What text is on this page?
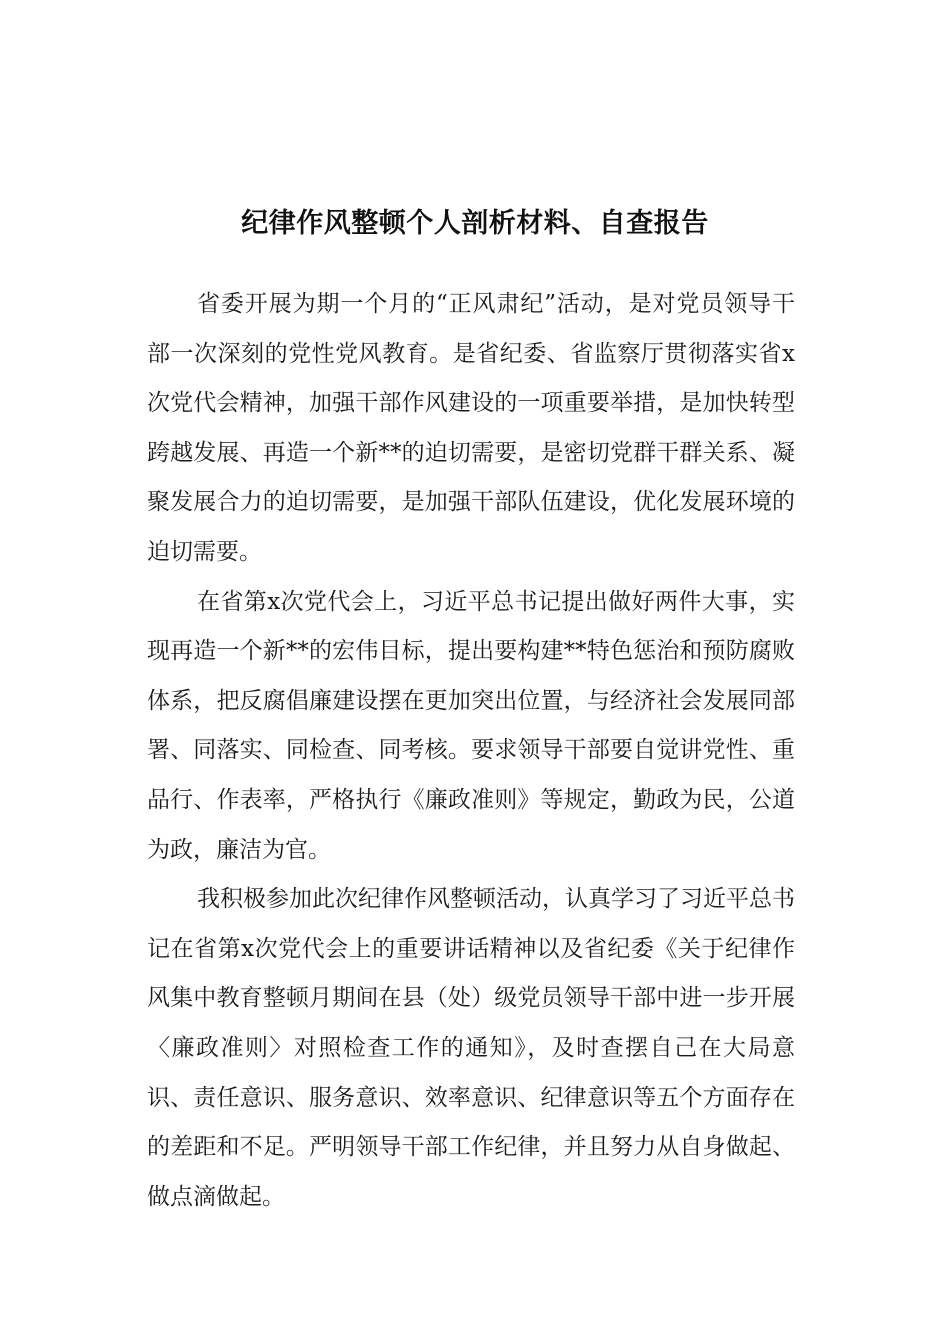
纪律作风整顿个人剖析材料、自查报告

省委开展为期一个月的“正风肃纪”活动，是对党员领导干部一次深刻的党性党风教育。是省纪委、省监察厅贯彻落实省x次党代会精神，加强干部作风建设的一项重要举措，是加快转型跨越发展、再造一个新**的迫切需要，是密切党群干群关系、凝聚发展合力的迫切需要，是加强干部队伍建设，优化发展环境的迫切需要。

在省第x次党代会上，习近平总书记提出做好两件大事，实现再造一个新**的宏伟目标，提出要构建**特色惩治和预防腐败体系，把反腐倡廉建设摆在更加突出位置，与经济社会发展同部署、同落实、同检查、同考核。要求领导干部要自觉讲党性、重品行、作表率，严格执行《廉政准则》等规定，勤政为民，公道为政，廉洁为官。

我积极参加此次纪律作风整顿活动，认真学习了习近平总书记在省第x次党代会上的重要讲话精神以及省纪委《关于纪律作风集中教育整顿月期间在县（处）级党员领导干部中进一步开展〈廉政准则〉对照检查工作的通知》，及时查摆自己在大局意识、责任意识、服务意识、效率意识、纪律意识等五个方面存在的差距和不足。严明领导干部工作纪律，并且努力从自身做起、做点滴做起。
